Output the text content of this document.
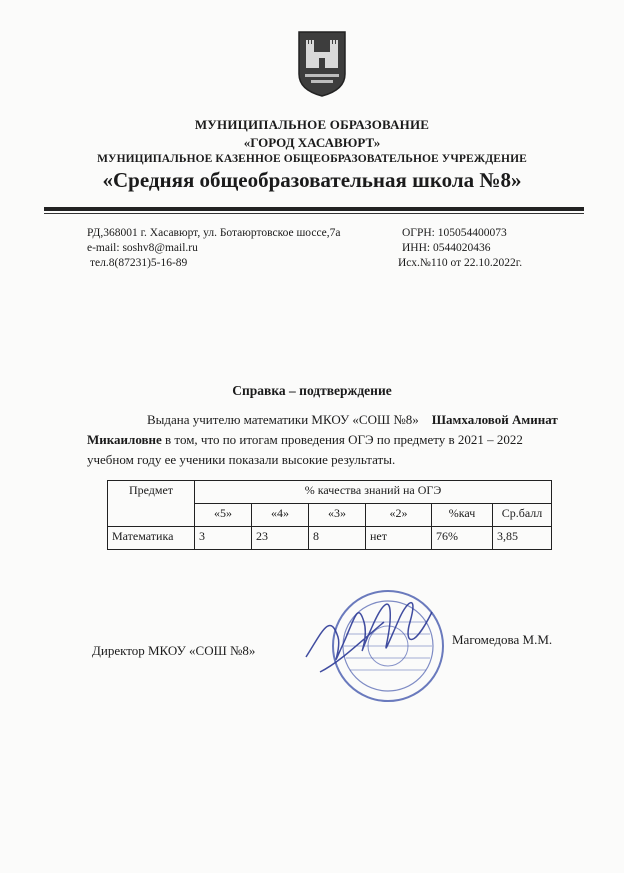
МУНИЦИПАЛЬНОЕ ОБРАЗОВАНИЕ
«ГОРОД ХАСАВЮРТ»
МУНИЦИПАЛЬНОЕ КАЗЕННОЕ ОБЩЕОБРАЗОВАТЕЛЬНОЕ УЧРЕЖДЕНИЕ
«Средняя общеобразовательная школа №8»
РД,368001 г. Хасавюрт, ул. Ботаюртовское шоссе,7а
e-mail: soshv8@mail.ru
тел.8(87231)5-16-89
ОГРН: 105054400073
ИНН: 0544020436
Исх.№110 от 22.10.2022г.
Справка – подтверждение
Выдана учителю математики МКОУ «СОШ №8» Шамхаловой Аминат Микаиловне в том, что по итогам проведения ОГЭ по предмету в 2021 – 2022 учебном году ее ученики показали высокие результаты.
Предмет	% качества знаний на ОГЭ					
	«5»	«4»	«3»	«2»	%кач	Ср.балл
Математика	3	23	8	нет	76%	3,85
Директор МКОУ «СОШ №8»
Магомедова М.М.
